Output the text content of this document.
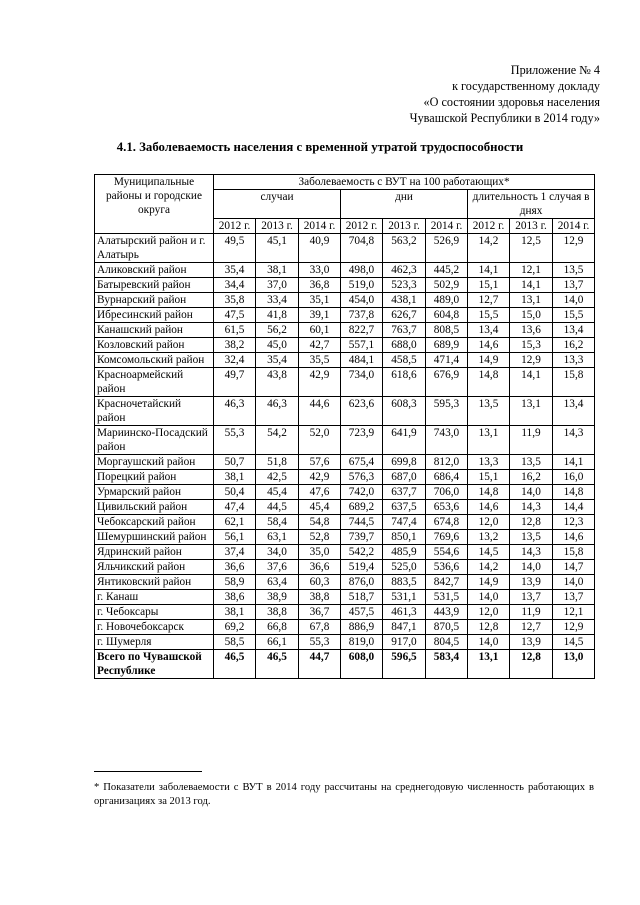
Приложение № 4
к государственному докладу
«О состоянии здоровья населения
Чувашской Республики в 2014 году»
4.1. Заболеваемость населения с временной утратой трудоспособности
Муниципальные районы и городские округа	Заболеваемость с ВУТ на 100 работающих*								
	случаи			дни			длительность 1 случая в днях		
	2012 г.	2013 г.	2014 г.	2012 г.	2013 г.	2014 г.	2012 г.	2013 г.	2014 г.
Алатырский район и г. Алатырь	49,5	45,1	40,9	704,8	563,2	526,9	14,2	12,5	12,9
Аликовский район	35,4	38,1	33,0	498,0	462,3	445,2	14,1	12,1	13,5
Батыревский район	34,4	37,0	36,8	519,0	523,3	502,9	15,1	14,1	13,7
Вурнарский район	35,8	33,4	35,1	454,0	438,1	489,0	12,7	13,1	14,0
Ибресинский район	47,5	41,8	39,1	737,8	626,7	604,8	15,5	15,0	15,5
Канашский район	61,5	56,2	60,1	822,7	763,7	808,5	13,4	13,6	13,4
Козловский район	38,2	45,0	42,7	557,1	688,0	689,9	14,6	15,3	16,2
Комсомольский район	32,4	35,4	35,5	484,1	458,5	471,4	14,9	12,9	13,3
Красноармейский район	49,7	43,8	42,9	734,0	618,6	676,9	14,8	14,1	15,8
Красночетайский район	46,3	46,3	44,6	623,6	608,3	595,3	13,5	13,1	13,4
Мариинско-Посадский район	55,3	54,2	52,0	723,9	641,9	743,0	13,1	11,9	14,3
Моргаушский район	50,7	51,8	57,6	675,4	699,8	812,0	13,3	13,5	14,1
Порецкий район	38,1	42,5	42,9	576,3	687,0	686,4	15,1	16,2	16,0
Урмарский район	50,4	45,4	47,6	742,0	637,7	706,0	14,8	14,0	14,8
Цивильский район	47,4	44,5	45,4	689,2	637,5	653,6	14,6	14,3	14,4
Чебоксарский район	62,1	58,4	54,8	744,5	747,4	674,8	12,0	12,8	12,3
Шемуршинский район	56,1	63,1	52,8	739,7	850,1	769,6	13,2	13,5	14,6
Ядринский район	37,4	34,0	35,0	542,2	485,9	554,6	14,5	14,3	15,8
Яльчикский район	36,6	37,6	36,6	519,4	525,0	536,6	14,2	14,0	14,7
Янтиковский район	58,9	63,4	60,3	876,0	883,5	842,7	14,9	13,9	14,0
г. Канаш	38,6	38,9	38,8	518,7	531,1	531,5	14,0	13,7	13,7
г. Чебоксары	38,1	38,8	36,7	457,5	461,3	443,9	12,0	11,9	12,1
г. Новочебоксарск	69,2	66,8	67,8	886,9	847,1	870,5	12,8	12,7	12,9
г. Шумерля	58,5	66,1	55,3	819,0	917,0	804,5	14,0	13,9	14,5
Всего по Чувашской Республике	46,5	46,5	44,7	608,0	596,5	583,4	13,1	12,8	13,0
* Показатели заболеваемости с ВУТ в 2014 году рассчитаны на среднегодовую численность работающих в организациях за 2013 год.
